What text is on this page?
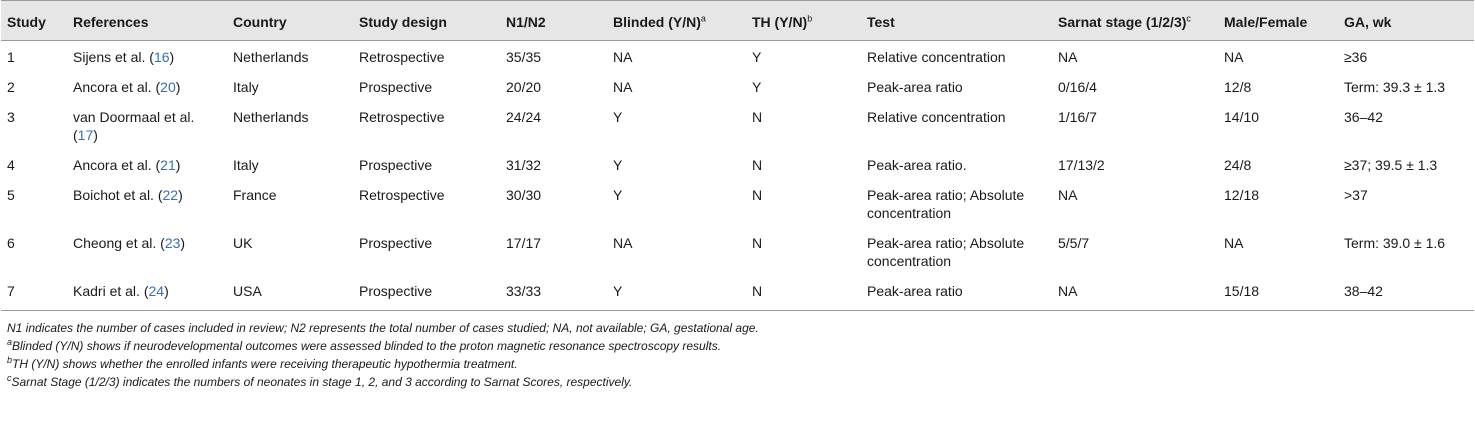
Study	References	Country	Study design	N1/N2	Blinded $(Y/N)^a$	TH $(Y/N)^b$	Test	Sarnat stage $(1/2/3)^c$	Male/Female	GA, wk
1	Sijens et al. (16)	Netherlands	Retrospective	35/35	NA	Y	Relative concentration	NA	NA	≥36
2	Ancora et al. (20)	Italy	Prospective	20/20	NA	Y	Peak-area ratio	0/16/4	12/8	Term: 39.3 ± 1.3
3	van Doormaal et al. (17)	Netherlands	Retrospective	24/24	Y	N	Relative concentration	1/16/7	14/10	36–42
4	Ancora et al. (21)	Italy	Prospective	31/32	Y	N	Peak-area ratio.	17/13/2	24/8	≥37; 39.5 ± 1.3
5	Boichot et al. (22)	France	Retrospective	30/30	Y	N	Peak-area ratio; Absolute concentration	NA	12/18	>37
6	Cheong et al. (23)	UK	Prospective	17/17	NA	N	Peak-area ratio; Absolute concentration	5/5/7	NA	Term: 39.0 ± 1.6
7	Kadri et al. (24)	USA	Prospective	33/33	Y	N	Peak-area ratio	NA	15/18	38–42

N1 indicates the number of cases included in review; N2 represents the total number of cases studied; NA, not available; GA, gestational age.

$^a$Blinded (Y/N) shows if neurodevelopmental outcomes were assessed blinded to the proton magnetic resonance spectroscopy results.

$^b$TH (Y/N) shows whether the enrolled infants were receiving therapeutic hypothermia treatment.

$^c$Sarnat Stage (1/2/3) indicates the numbers of neonates in stage 1, 2, and 3 according to Sarnat Scores, respectively.
